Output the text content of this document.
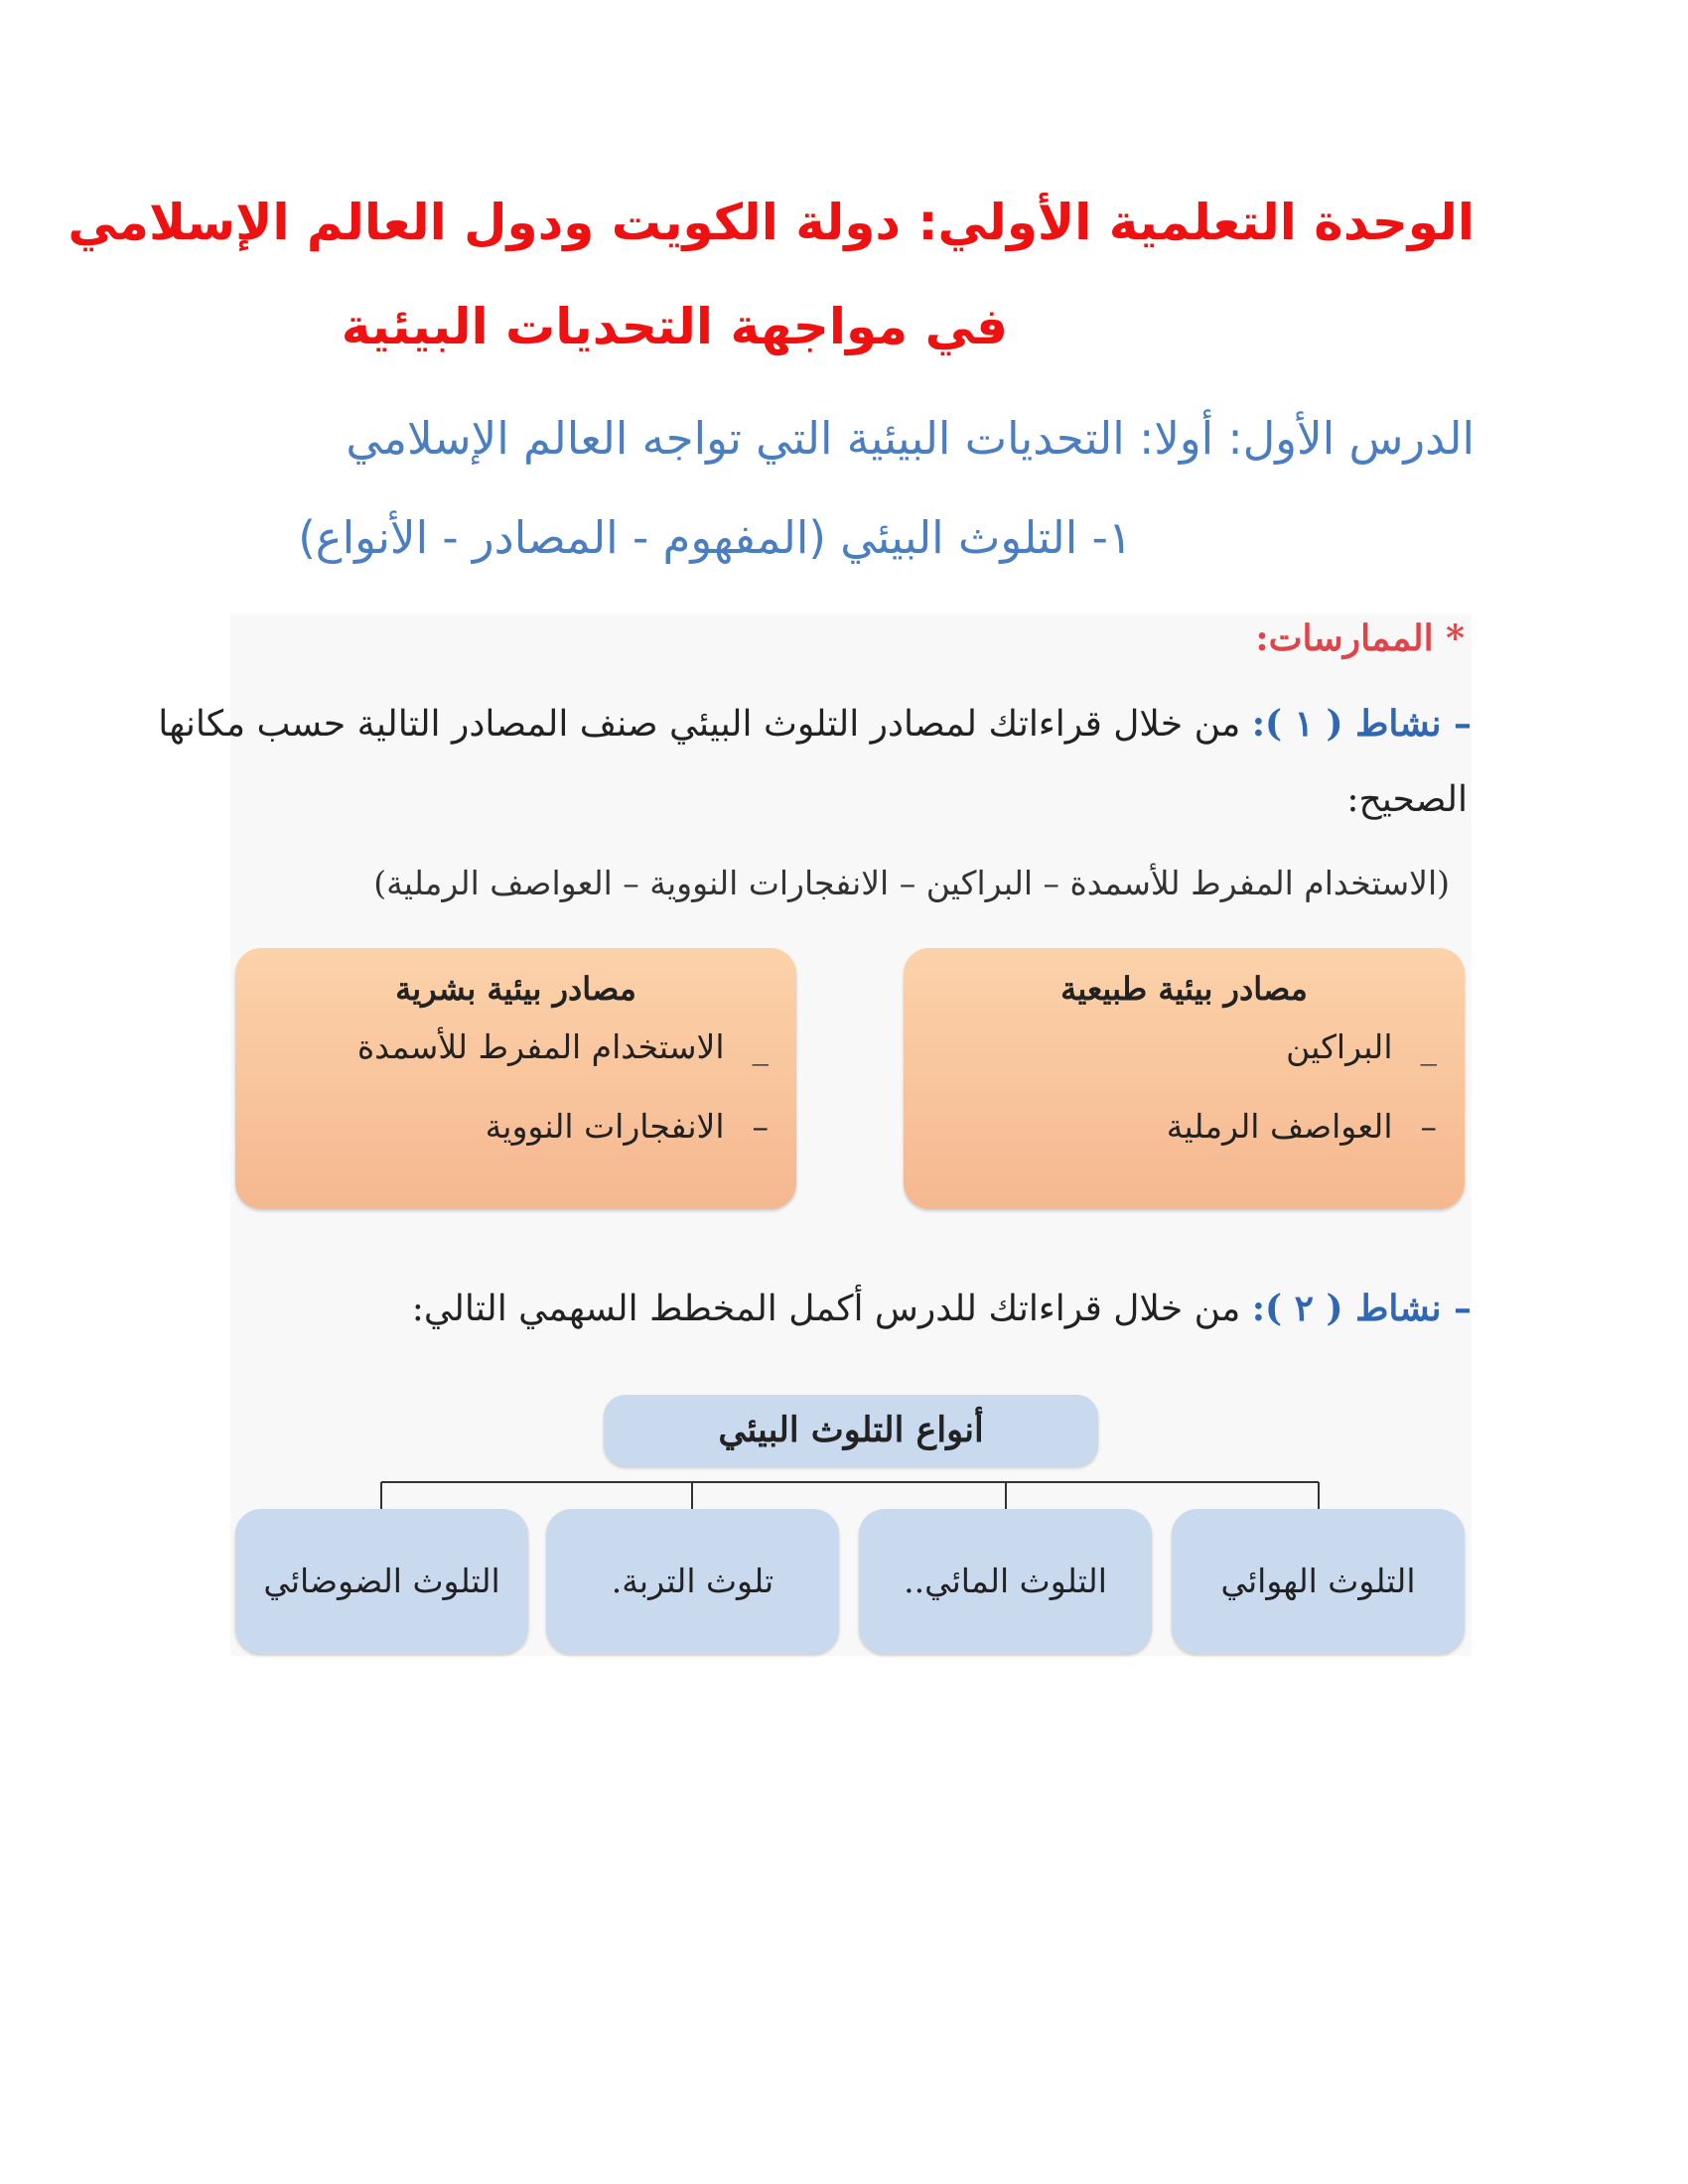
الوحدة التعلمية الأولي: دولة الكويت ودول العالم الإسلامي
في مواجهة التحديات البيئية
الدرس الأول: أولا: التحديات البيئية التي تواجه العالم الإسلامي
١- التلوث البيئي (المفهوم - المصادر - الأنواع)
* الممارسات:
– نشاط ( ١ ): من خلال قراءاتك لمصادر التلوث البيئي صنف المصادر التالية حسب مكانها
الصحيح:
(الاستخدام المفرط للأسمدة – البراكين – الانفجارات النووية – العواصف الرملية)
مصادر بيئية طبيعية
_البراكين
–العواصف الرملية
مصادر بيئية بشرية
_الاستخدام المفرط للأسمدة
–الانفجارات النووية
– نشاط ( ٢ ): من خلال قراءاتك للدرس أكمل المخطط السهمي التالي:
أنواع التلوث البيئي
التلوث الهوائي
التلوث المائي..
تلوث التربة.
التلوث الضوضائي
